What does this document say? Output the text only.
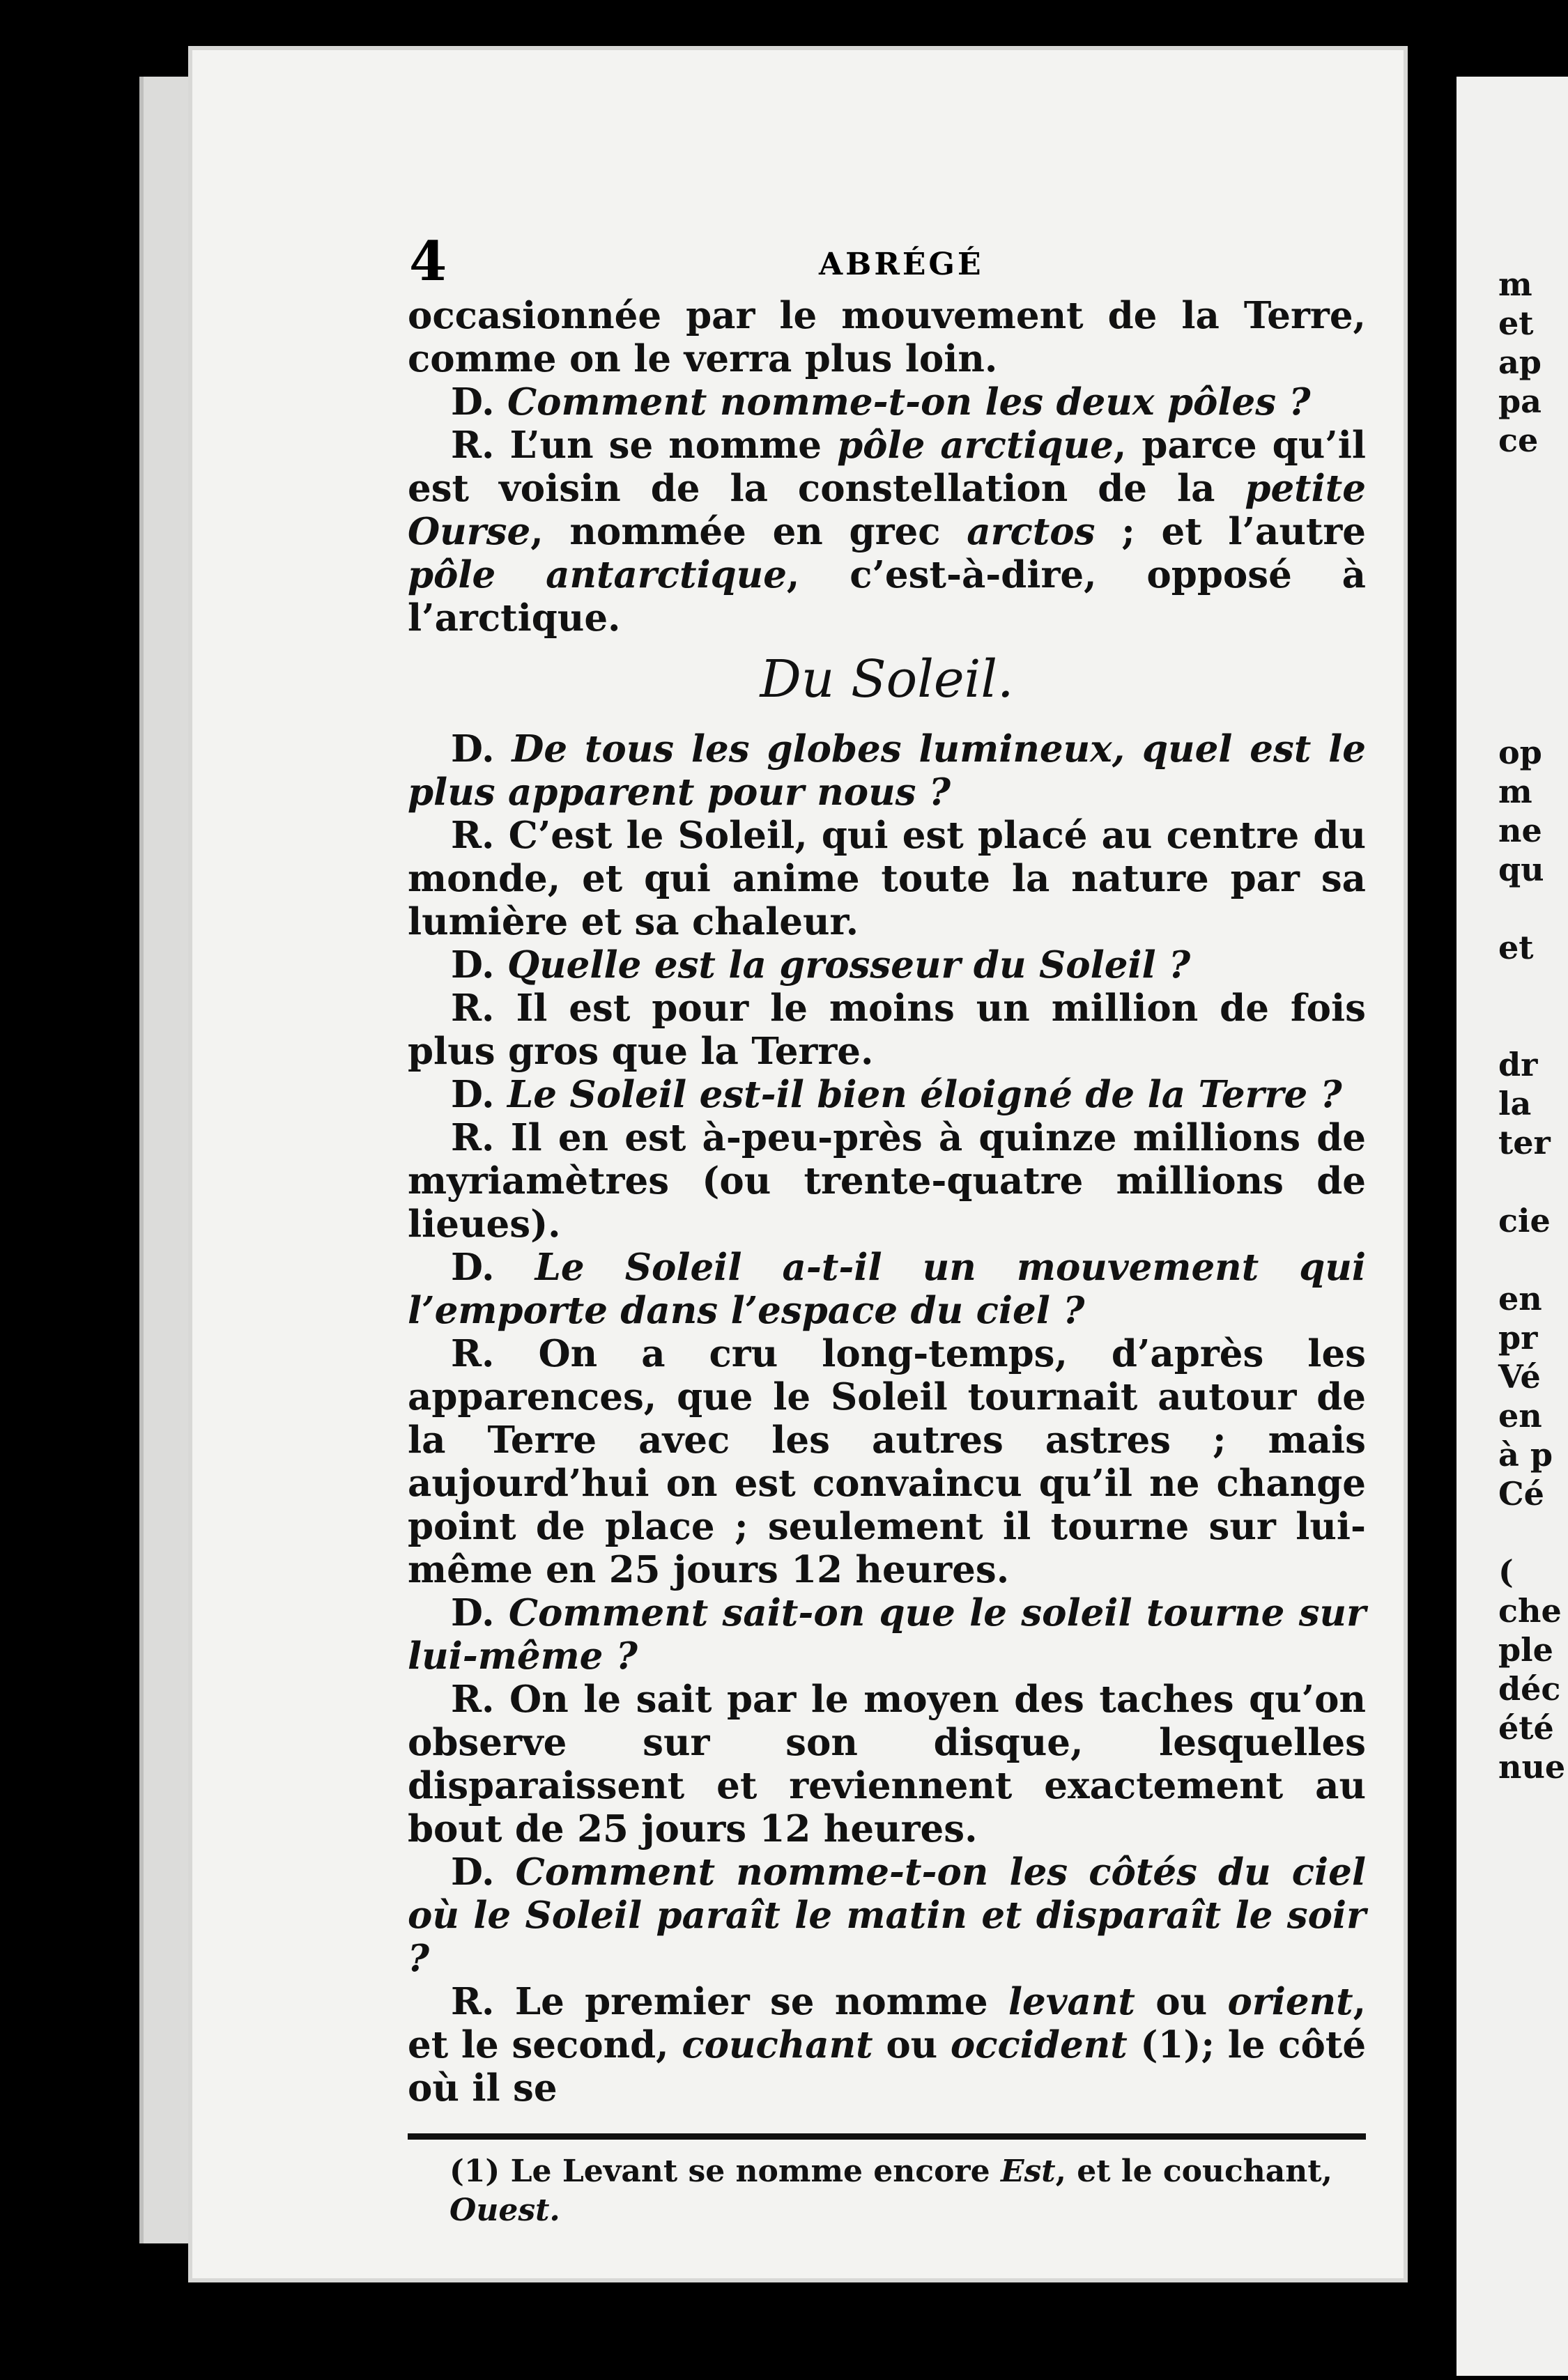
4	ABRÉGÉ

occasionnée par le mouvement de la Terre, comme on le verra plus loin.

D. Comment nomme-t-on les deux pôles ?

R. L’un se nomme pôle arctique, parce qu’il est voisin de la constellation de la petite Ourse, nommée en grec arctos ; et l’autre pôle antarctique, c’est-à-dire, opposé à l’arctique.

Du Soleil.

D. De tous les globes lumineux, quel est le plus apparent pour nous ?

R. C’est le Soleil, qui est placé au centre du monde, et qui anime toute la nature par sa lumière et sa chaleur.

D. Quelle est la grosseur du Soleil ?

R. Il est pour le moins un million de fois plus gros que la Terre.

D. Le Soleil est-il bien éloigné de la Terre ?

R. Il en est à-peu-près à quinze millions de myriamètres (ou trente-quatre millions de lieues).

D. Le Soleil a-t-il un mouvement qui l’emporte dans l’espace du ciel ?

R. On a cru long-temps, d’après les apparences, que le Soleil tournait autour de la Terre avec les autres astres ; mais aujourd’hui on est convaincu qu’il ne change point de place ; seulement il tourne sur lui-même en 25 jours 12 heures.

D. Comment sait-on que le soleil tourne sur lui-même ?

R. On le sait par le moyen des taches qu’on observe sur son disque, lesquelles disparaissent et reviennent exactement au bout de 25 jours 12 heures.

D. Comment nomme-t-on les côtés du ciel où le Soleil paraît le matin et disparaît le soir ?

R. Le premier se nomme levant ou orient, et le second, couchant ou occident (1); le côté où il se

(1) Le Levant se nomme encore Est, et le couchant, Ouest.

m
et
ap
pa
ce
op
m
ne
qu
et
dr
la
ter
cie
en
pr
Vé
en
à p
Cé
(
che
ple
déc
été
nue
